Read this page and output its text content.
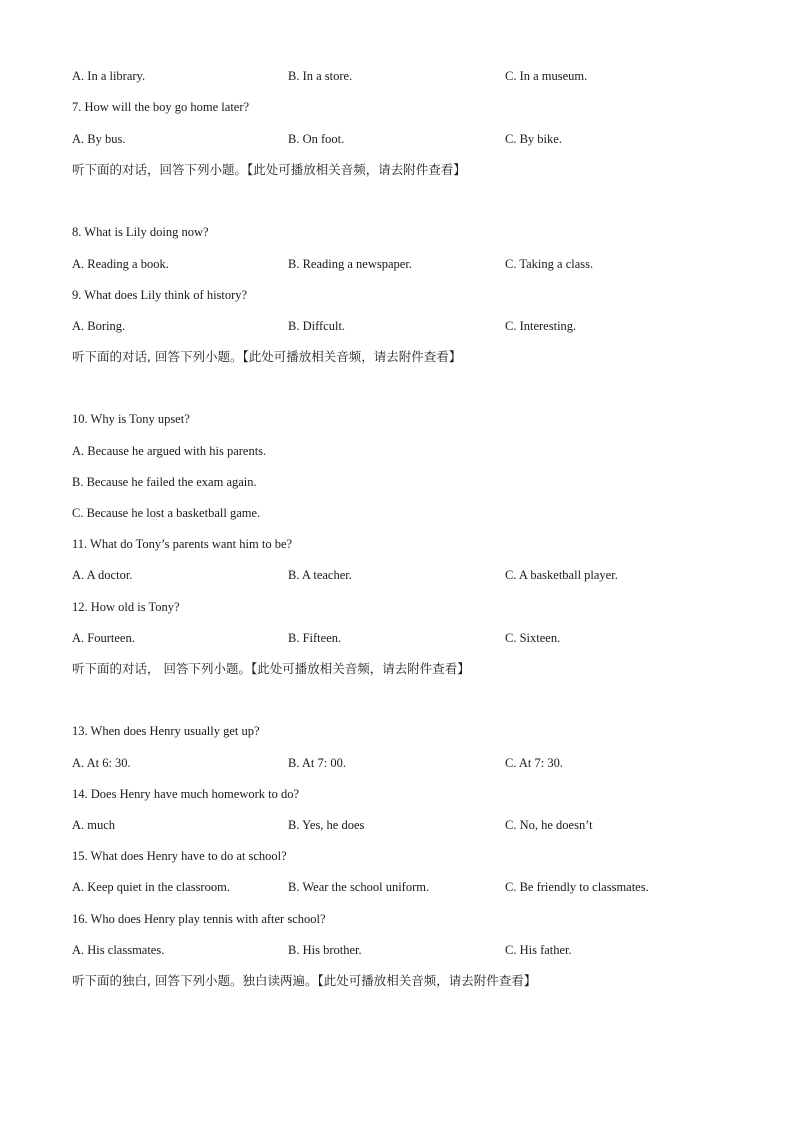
A. In a library.	B. In a store.	C. In a museum.
7. How will the boy go home later?
A. By bus.	B. On foot.	C. By bike.
听下面的对话，回答下列小题。【此处可播放相关音频，请去附件查看】
8. What is Lily doing now?
A. Reading a book.	B. Reading a newspaper.	C. Taking a class.
9. What does Lily think of history?
A. Boring.	B. Diffcult.	C. Interesting.
听下面的对话, 回答下列小题。【此处可播放相关音频，请去附件查看】
10. Why is Tony upset?
A. Because he argued with his parents.
B. Because he failed the exam again.
C. Because he lost a basketball game.
11. What do Tony’s parents want him to be?
A. A doctor.	B. A teacher.	C. A basketball player.
12. How old is Tony?
A. Fourteen.	B. Fifteen.	C. Sixteen.
听下面的对话， 回答下列小题。【此处可播放相关音频，请去附件查看】
13. When does Henry usually get up?
A. At 6: 30.	B. At 7: 00.	C. At 7: 30.
14. Does Henry have much homework to do?
A. much	B. Yes, he does	C. No, he doesn’t
15. What does Henry have to do at school?
A. Keep quiet in the classroom.	B. Wear the school uniform.	C. Be friendly to classmates.
16. Who does Henry play tennis with after school?
A. His classmates.	B. His brother.	C. His father.
听下面的独白, 回答下列小题。独白读两遍。【此处可播放相关音频，请去附件查看】
